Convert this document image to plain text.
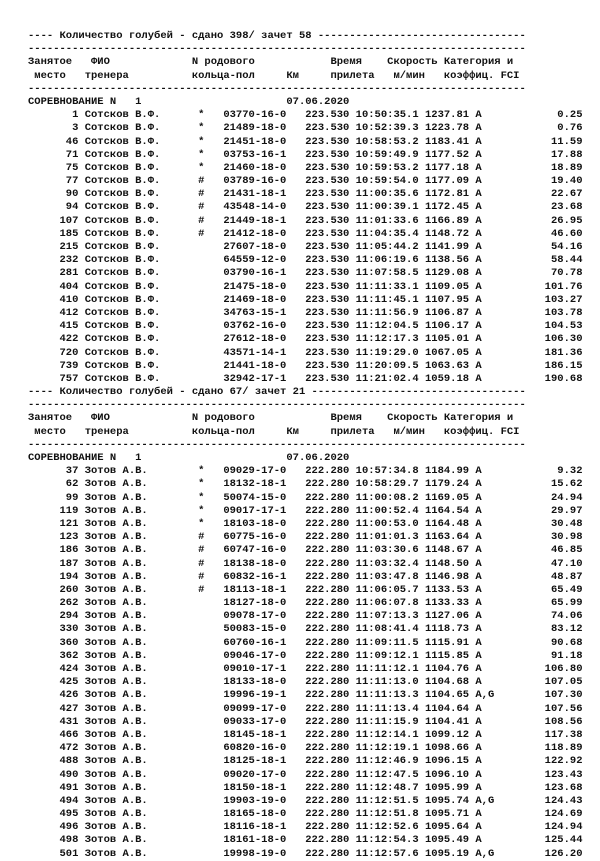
---- Количество голубей - сдано 398/ зачет 58 ---------------------------------
-------------------------------------------------------------------------------
Занятое   ФИО             N родового            Время    Скорость Категория и
место   тренера          кольца-пол     Км     прилета   м/мин   коэффиц. FCI
-------------------------------------------------------------------------------
СОРЕВНОВАНИЕ N   1                       07.06.2020
1 Сотсков В.Ф.      *   03770-16-0   223.530 10:50:35.1 1237.81 A            0.25
3 Сотсков В.Ф.      *   21489-18-0   223.530 10:52:39.3 1223.78 A            0.76
46 Сотсков В.Ф.      *   21451-18-0   223.530 10:58:53.2 1183.41 A           11.59
71 Сотсков В.Ф.      *   03753-16-1   223.530 10:59:49.9 1177.52 A           17.88
75 Сотсков В.Ф.      *   21460-18-0   223.530 10:59:53.2 1177.18 A           18.89
77 Сотсков В.Ф.      #   03789-16-0   223.530 10:59:54.0 1177.09 A           19.40
90 Сотсков В.Ф.      #   21431-18-1   223.530 11:00:35.6 1172.81 A           22.67
94 Сотсков В.Ф.      #   43548-14-0   223.530 11:00:39.1 1172.45 A           23.68
107 Сотсков В.Ф.      #   21449-18-1   223.530 11:01:33.6 1166.89 A           26.95
185 Сотсков В.Ф.      #   21412-18-0   223.530 11:04:35.4 1148.72 A           46.60
215 Сотсков В.Ф.          27607-18-0   223.530 11:05:44.2 1141.99 A           54.16
232 Сотсков В.Ф.          64559-12-0   223.530 11:06:19.6 1138.56 A           58.44
281 Сотсков В.Ф.          03790-16-1   223.530 11:07:58.5 1129.08 A           70.78
404 Сотсков В.Ф.          21475-18-0   223.530 11:11:33.1 1109.05 A          101.76
410 Сотсков В.Ф.          21469-18-0   223.530 11:11:45.1 1107.95 A          103.27
412 Сотсков В.Ф.          34763-15-1   223.530 11:11:56.9 1106.87 A          103.78
415 Сотсков В.Ф.          03762-16-0   223.530 11:12:04.5 1106.17 A          104.53
422 Сотсков В.Ф.          27612-18-0   223.530 11:12:17.3 1105.01 A          106.30
720 Сотсков В.Ф.          43571-14-1   223.530 11:19:29.0 1067.05 A          181.36
739 Сотсков В.Ф.          21441-18-0   223.530 11:20:09.5 1063.63 A          186.15
757 Сотсков В.Ф.          32942-17-1   223.530 11:21:02.4 1059.18 A          190.68
---- Количество голубей - сдано 67/ зачет 21 ----------------------------------
-------------------------------------------------------------------------------
Занятое   ФИО             N родового            Время    Скорость Категория и
место   тренера          кольца-пол     Км     прилета   м/мин   коэффиц. FCI
-------------------------------------------------------------------------------
СОРЕВНОВАНИЕ N   1                       07.06.2020
37 Зотов А.В.        *   09029-17-0   222.280 10:57:34.8 1184.99 A            9.32
62 Зотов А.В.        *   18132-18-1   222.280 10:58:29.7 1179.24 A           15.62
99 Зотов А.В.        *   50074-15-0   222.280 11:00:08.2 1169.05 A           24.94
119 Зотов А.В.        *   09017-17-1   222.280 11:00:52.4 1164.54 A           29.97
121 Зотов А.В.        *   18103-18-0   222.280 11:00:53.0 1164.48 A           30.48
123 Зотов А.В.        #   60775-16-0   222.280 11:01:01.3 1163.64 A           30.98
186 Зотов А.В.        #   60747-16-0   222.280 11:03:30.6 1148.67 A           46.85
187 Зотов А.В.        #   18138-18-0   222.280 11:03:32.4 1148.50 A           47.10
194 Зотов А.В.        #   60832-16-1   222.280 11:03:47.8 1146.98 A           48.87
260 Зотов А.В.        #   18113-18-1   222.280 11:06:05.7 1133.53 A           65.49
262 Зотов А.В.            18127-18-0   222.280 11:06:07.8 1133.33 A           65.99
294 Зотов А.В.            09078-17-0   222.280 11:07:13.3 1127.06 A           74.06
330 Зотов А.В.            50083-15-0   222.280 11:08:41.4 1118.73 A           83.12
360 Зотов А.В.            60760-16-1   222.280 11:09:11.5 1115.91 A           90.68
362 Зотов А.В.            09046-17-0   222.280 11:09:12.1 1115.85 A           91.18
424 Зотов А.В.            09010-17-1   222.280 11:11:12.1 1104.76 A          106.80
425 Зотов А.В.            18133-18-0   222.280 11:11:13.0 1104.68 A          107.05
426 Зотов А.В.            19996-19-1   222.280 11:11:13.3 1104.65 A,G        107.30
427 Зотов А.В.            09099-17-0   222.280 11:11:13.4 1104.64 A          107.56
431 Зотов А.В.            09033-17-0   222.280 11:11:15.9 1104.41 A          108.56
466 Зотов А.В.            18145-18-1   222.280 11:12:14.1 1099.12 A          117.38
472 Зотов А.В.            60820-16-0   222.280 11:12:19.1 1098.66 A          118.89
488 Зотов А.В.            18125-18-1   222.280 11:12:46.9 1096.15 A          122.92
490 Зотов А.В.            09020-17-0   222.280 11:12:47.5 1096.10 A          123.43
491 Зотов А.В.            18150-18-1   222.280 11:12:48.7 1095.99 A          123.68
494 Зотов А.В.            19903-19-0   222.280 11:12:51.5 1095.74 A,G        124.43
495 Зотов А.В.            18165-18-0   222.280 11:12:51.8 1095.71 A          124.69
496 Зотов А.В.            18116-18-1   222.280 11:12:52.6 1095.64 A          124.94
498 Зотов А.В.            18161-18-0   222.280 11:12:54.3 1095.49 A          125.44
501 Зотов А.В.            19998-19-0   222.280 11:12:57.6 1095.19 A,G        126.20
